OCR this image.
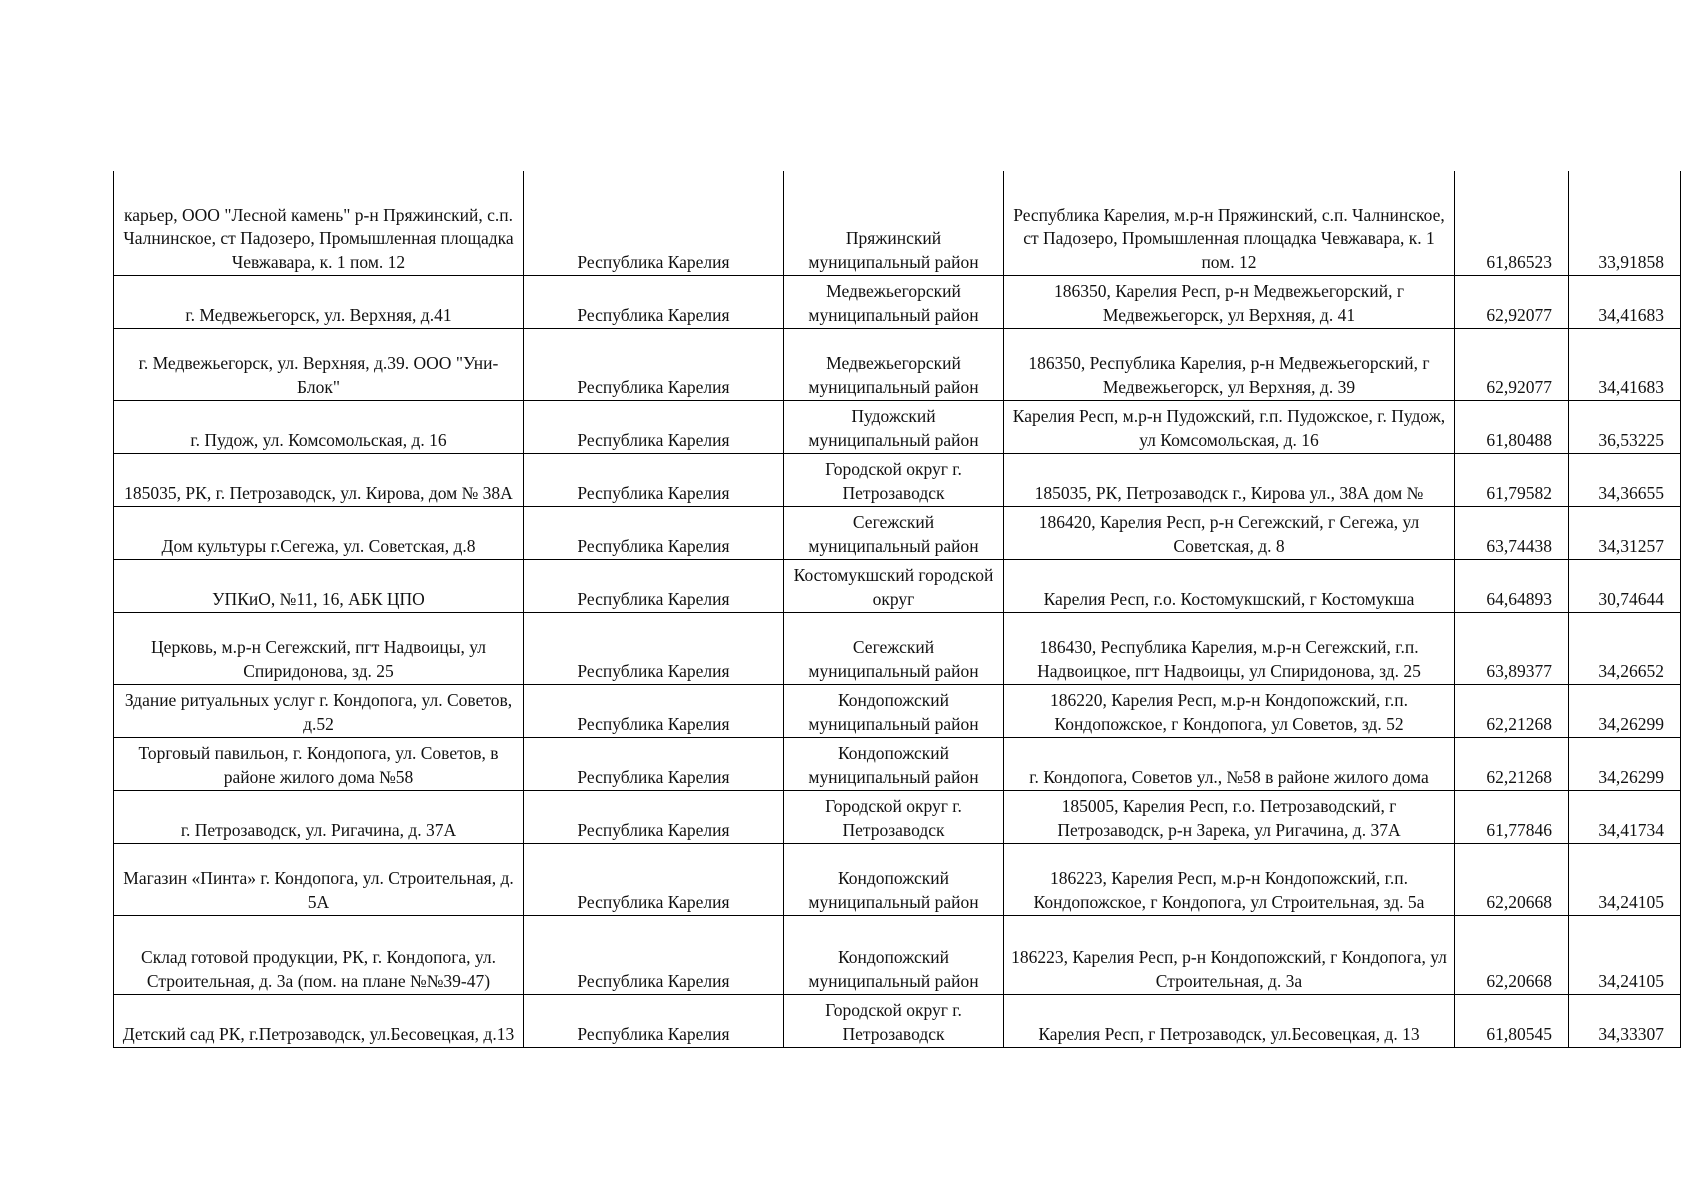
карьер, ООО "Лесной камень" р-н Пряжинский, с.п. Чалнинское, ст Падозеро, Промышленная площадка Чевжавара, к. 1 пом. 12	Республика Карелия	Пряжинский муниципальный район	Республика Карелия, м.р-н Пряжинский, с.п. Чалнинское, ст Падозеро, Промышленная площадка Чевжавара, к. 1 пом. 12	61,86523	33,91858
г. Медвежьегорск, ул. Верхняя, д.41	Республика Карелия	Медвежьегорский муниципальный район	186350, Карелия Респ, р-н Медвежьегорский, г Медвежьегорск, ул Верхняя, д. 41	62,92077	34,41683
г. Медвежьегорск, ул. Верхняя, д.39. ООО "Уни-Блок"	Республика Карелия	Медвежьегорский муниципальный район	186350, Республика Карелия, р-н Медвежьегорский, г Медвежьегорск, ул Верхняя, д. 39	62,92077	34,41683
г. Пудож, ул. Комсомольская, д. 16	Республика Карелия	Пудожский муниципальный район	Карелия Респ, м.р-н Пудожский, г.п. Пудожское, г. Пудож, ул Комсомольская, д. 16	61,80488	36,53225
185035, РК, г. Петрозаводск, ул. Кирова, дом № 38А	Республика Карелия	Городской округ г. Петрозаводск	185035, РК, Петрозаводск г., Кирова ул., 38А дом №	61,79582	34,36655
Дом культуры г.Сегежа, ул. Советская, д.8	Республика Карелия	Сегежский муниципальный район	186420, Карелия Респ, р-н Сегежский, г Сегежа, ул Советская, д. 8	63,74438	34,31257
УПКиО, №11, 16, АБК ЦПО	Республика Карелия	Костомукшский городской округ	Карелия Респ, г.о. Костомукшский, г Костомукша	64,64893	30,74644
Церковь, м.р-н Сегежский, пгт Надвоицы, ул Спиридонова, зд. 25	Республика Карелия	Сегежский муниципальный район	186430, Республика Карелия, м.р-н Сегежский, г.п. Надвоицкое, пгт Надвоицы, ул Спиридонова, зд. 25	63,89377	34,26652
Здание ритуальных услуг г. Кондопога, ул. Советов, д.52	Республика Карелия	Кондопожский муниципальный район	186220, Карелия Респ, м.р-н Кондопожский, г.п. Кондопожское, г Кондопога, ул Советов, зд. 52	62,21268	34,26299
Торговый павильон, г. Кондопога, ул. Советов, в районе жилого дома №58	Республика Карелия	Кондопожский муниципальный район	г. Кондопога, Советов ул., №58 в районе жилого дома	62,21268	34,26299
г. Петрозаводск, ул. Ригачина, д. 37А	Республика Карелия	Городской округ г. Петрозаводск	185005, Карелия Респ, г.о. Петрозаводский, г Петрозаводск, р-н Зарека, ул Ригачина, д. 37А	61,77846	34,41734
Магазин «Пинта» г. Кондопога, ул. Строительная, д. 5А	Республика Карелия	Кондопожский муниципальный район	186223, Карелия Респ, м.р-н Кондопожский, г.п. Кондопожское, г Кондопога, ул Строительная, зд. 5а	62,20668	34,24105
Склад готовой продукции, РК, г. Кондопога, ул. Строительная, д. 3а (пом. на плане №№39-47)	Республика Карелия	Кондопожский муниципальный район	186223, Карелия Респ, р-н Кондопожский, г Кондопога, ул Строительная, д. 3а	62,20668	34,24105
Детский сад РК, г.Петрозаводск, ул.Бесовецкая, д.13	Республика Карелия	Городской округ г. Петрозаводск	Карелия Респ, г Петрозаводск, ул.Бесовецкая, д. 13	61,80545	34,33307
